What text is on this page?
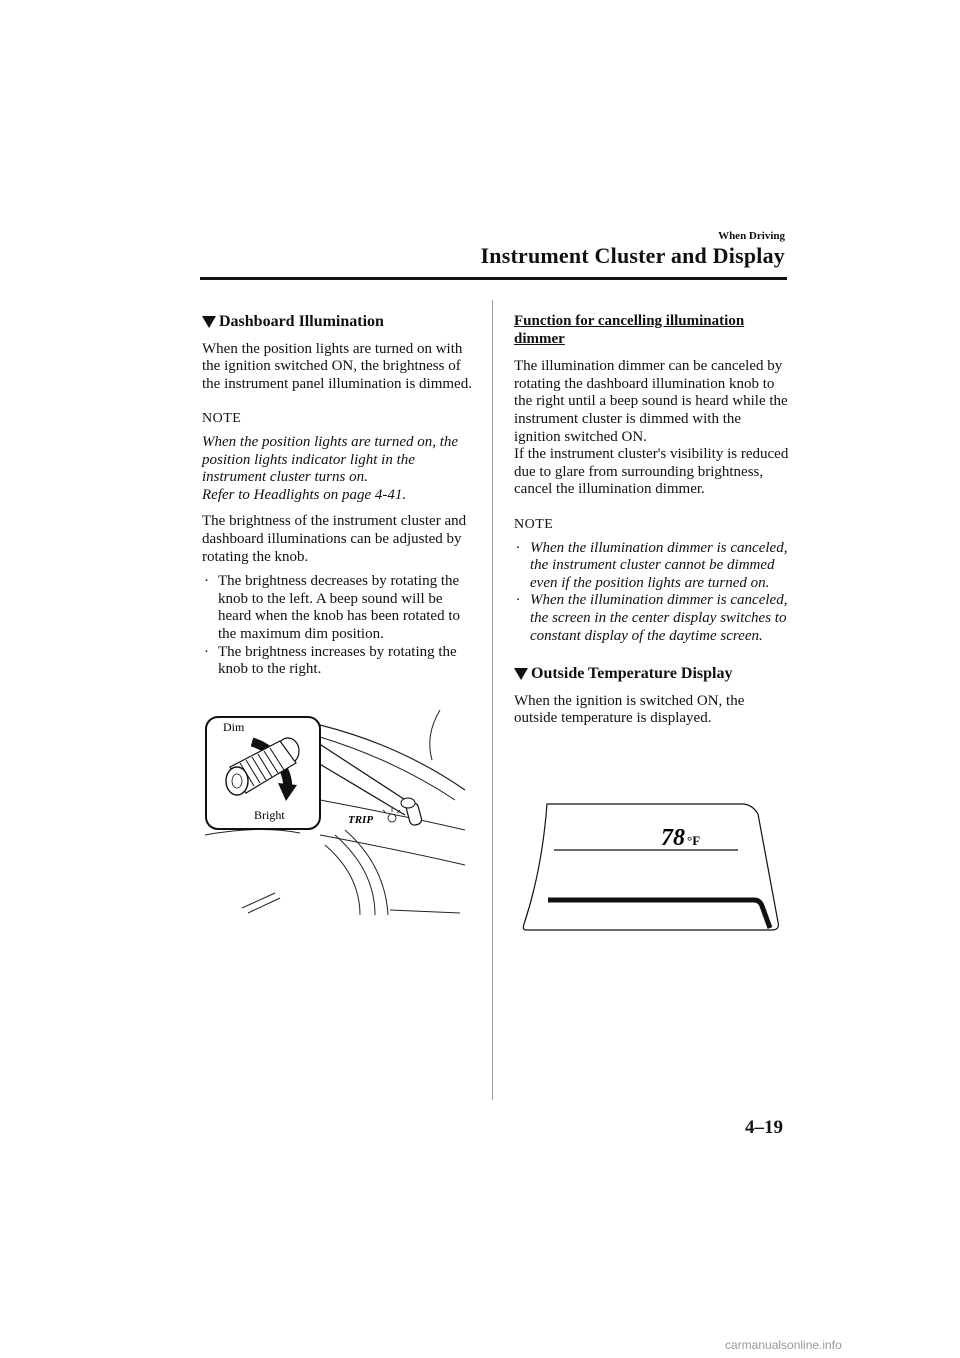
When Driving
Instrument Cluster and Display
Dashboard Illumination

When the position lights are turned on with the ignition switched ON, the brightness of the instrument panel illumination is dimmed.

NOTE

When the position lights are turned on, the position lights indicator light in the instrument cluster turns on.

Refer to Headlights on page 4-41.

The brightness of the instrument cluster and dashboard illuminations can be adjusted by rotating the knob.

· The brightness decreases by rotating the knob to the left. A beep sound will be heard when the knob has been rotated to the maximum dim position.
· The brightness increases by rotating the knob to the right.
TRIP
Dim
Bright

Function for cancelling illumination dimmer

The illumination dimmer can be canceled by rotating the dashboard illumination knob to the right until a beep sound is heard while the instrument cluster is dimmed with the ignition switched ON.

If the instrument cluster's visibility is reduced due to glare from surrounding brightness, cancel the illumination dimmer.

NOTE

· When the illumination dimmer is canceled, the instrument cluster cannot be dimmed even if the position lights are turned on.
· When the illumination dimmer is canceled, the screen in the center display switches to constant display of the daytime screen.
Outside Temperature Display

When the ignition is switched ON, the outside temperature is displayed.

78 °F
4–19
carmanualsonline.info
